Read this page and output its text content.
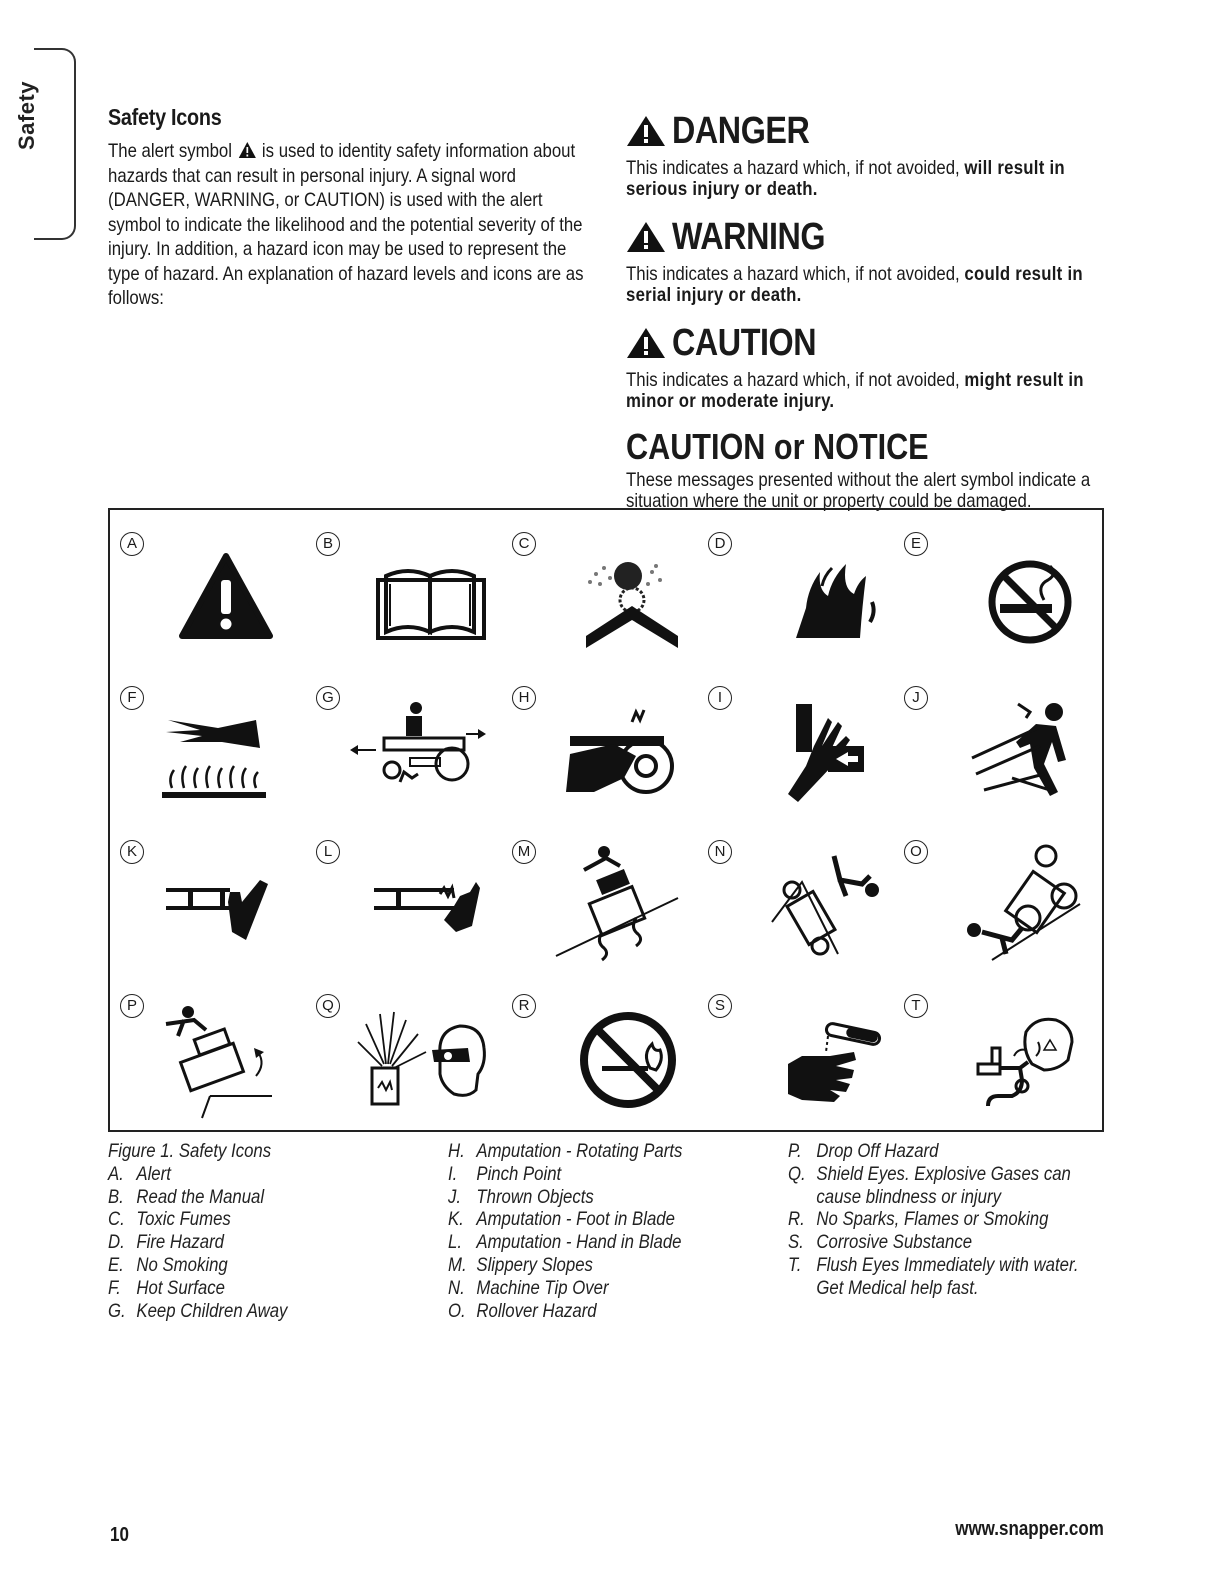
Safety	Safety Icons

The alert symbol is used to identity safety information about hazards that can result in personal injury. A signal word (DANGER, WARNING, or CAUTION) is used with the alert symbol to indicate the likelihood and the potential severity of the injury. In addition, a hazard icon may be used to represent the type of hazard. An explanation of hazard levels and icons are as follows:

DANGER
This indicates a hazard which, if not avoided, will result in serious injury or death.
WARNING
This indicates a hazard which, if not avoided, could result in serial injury or death.
CAUTION
This indicates a hazard which, if not avoided, might result in minor or moderate injury.
CAUTION or NOTICE
These messages presented without the alert symbol indicate a situation where the unit or property could be damaged.
A	B	C	D	E
F	G	H	I	J
K	L	M	N	O
P	Q	R	S	T
Figure 1. Safety Icons
A. Alert
B. Read the Manual
C. Toxic Fumes
D. Fire Hazard
E. No Smoking
F. Hot Surface
G. Keep Children Away
H. Amputation - Rotating Parts
I. Pinch Point
J. Thrown Objects
K. Amputation - Foot in Blade
L. Amputation - Hand in Blade
M. Slippery Slopes
N. Machine Tip Over
O. Rollover Hazard
P. Drop Off Hazard
Q. Shield Eyes. Explosive Gases can
cause blindness or injury
R. No Sparks, Flames or Smoking
S. Corrosive Substance
T. Flush Eyes Immediately with water.
Get Medical help fast.
10	www.snapper.com
